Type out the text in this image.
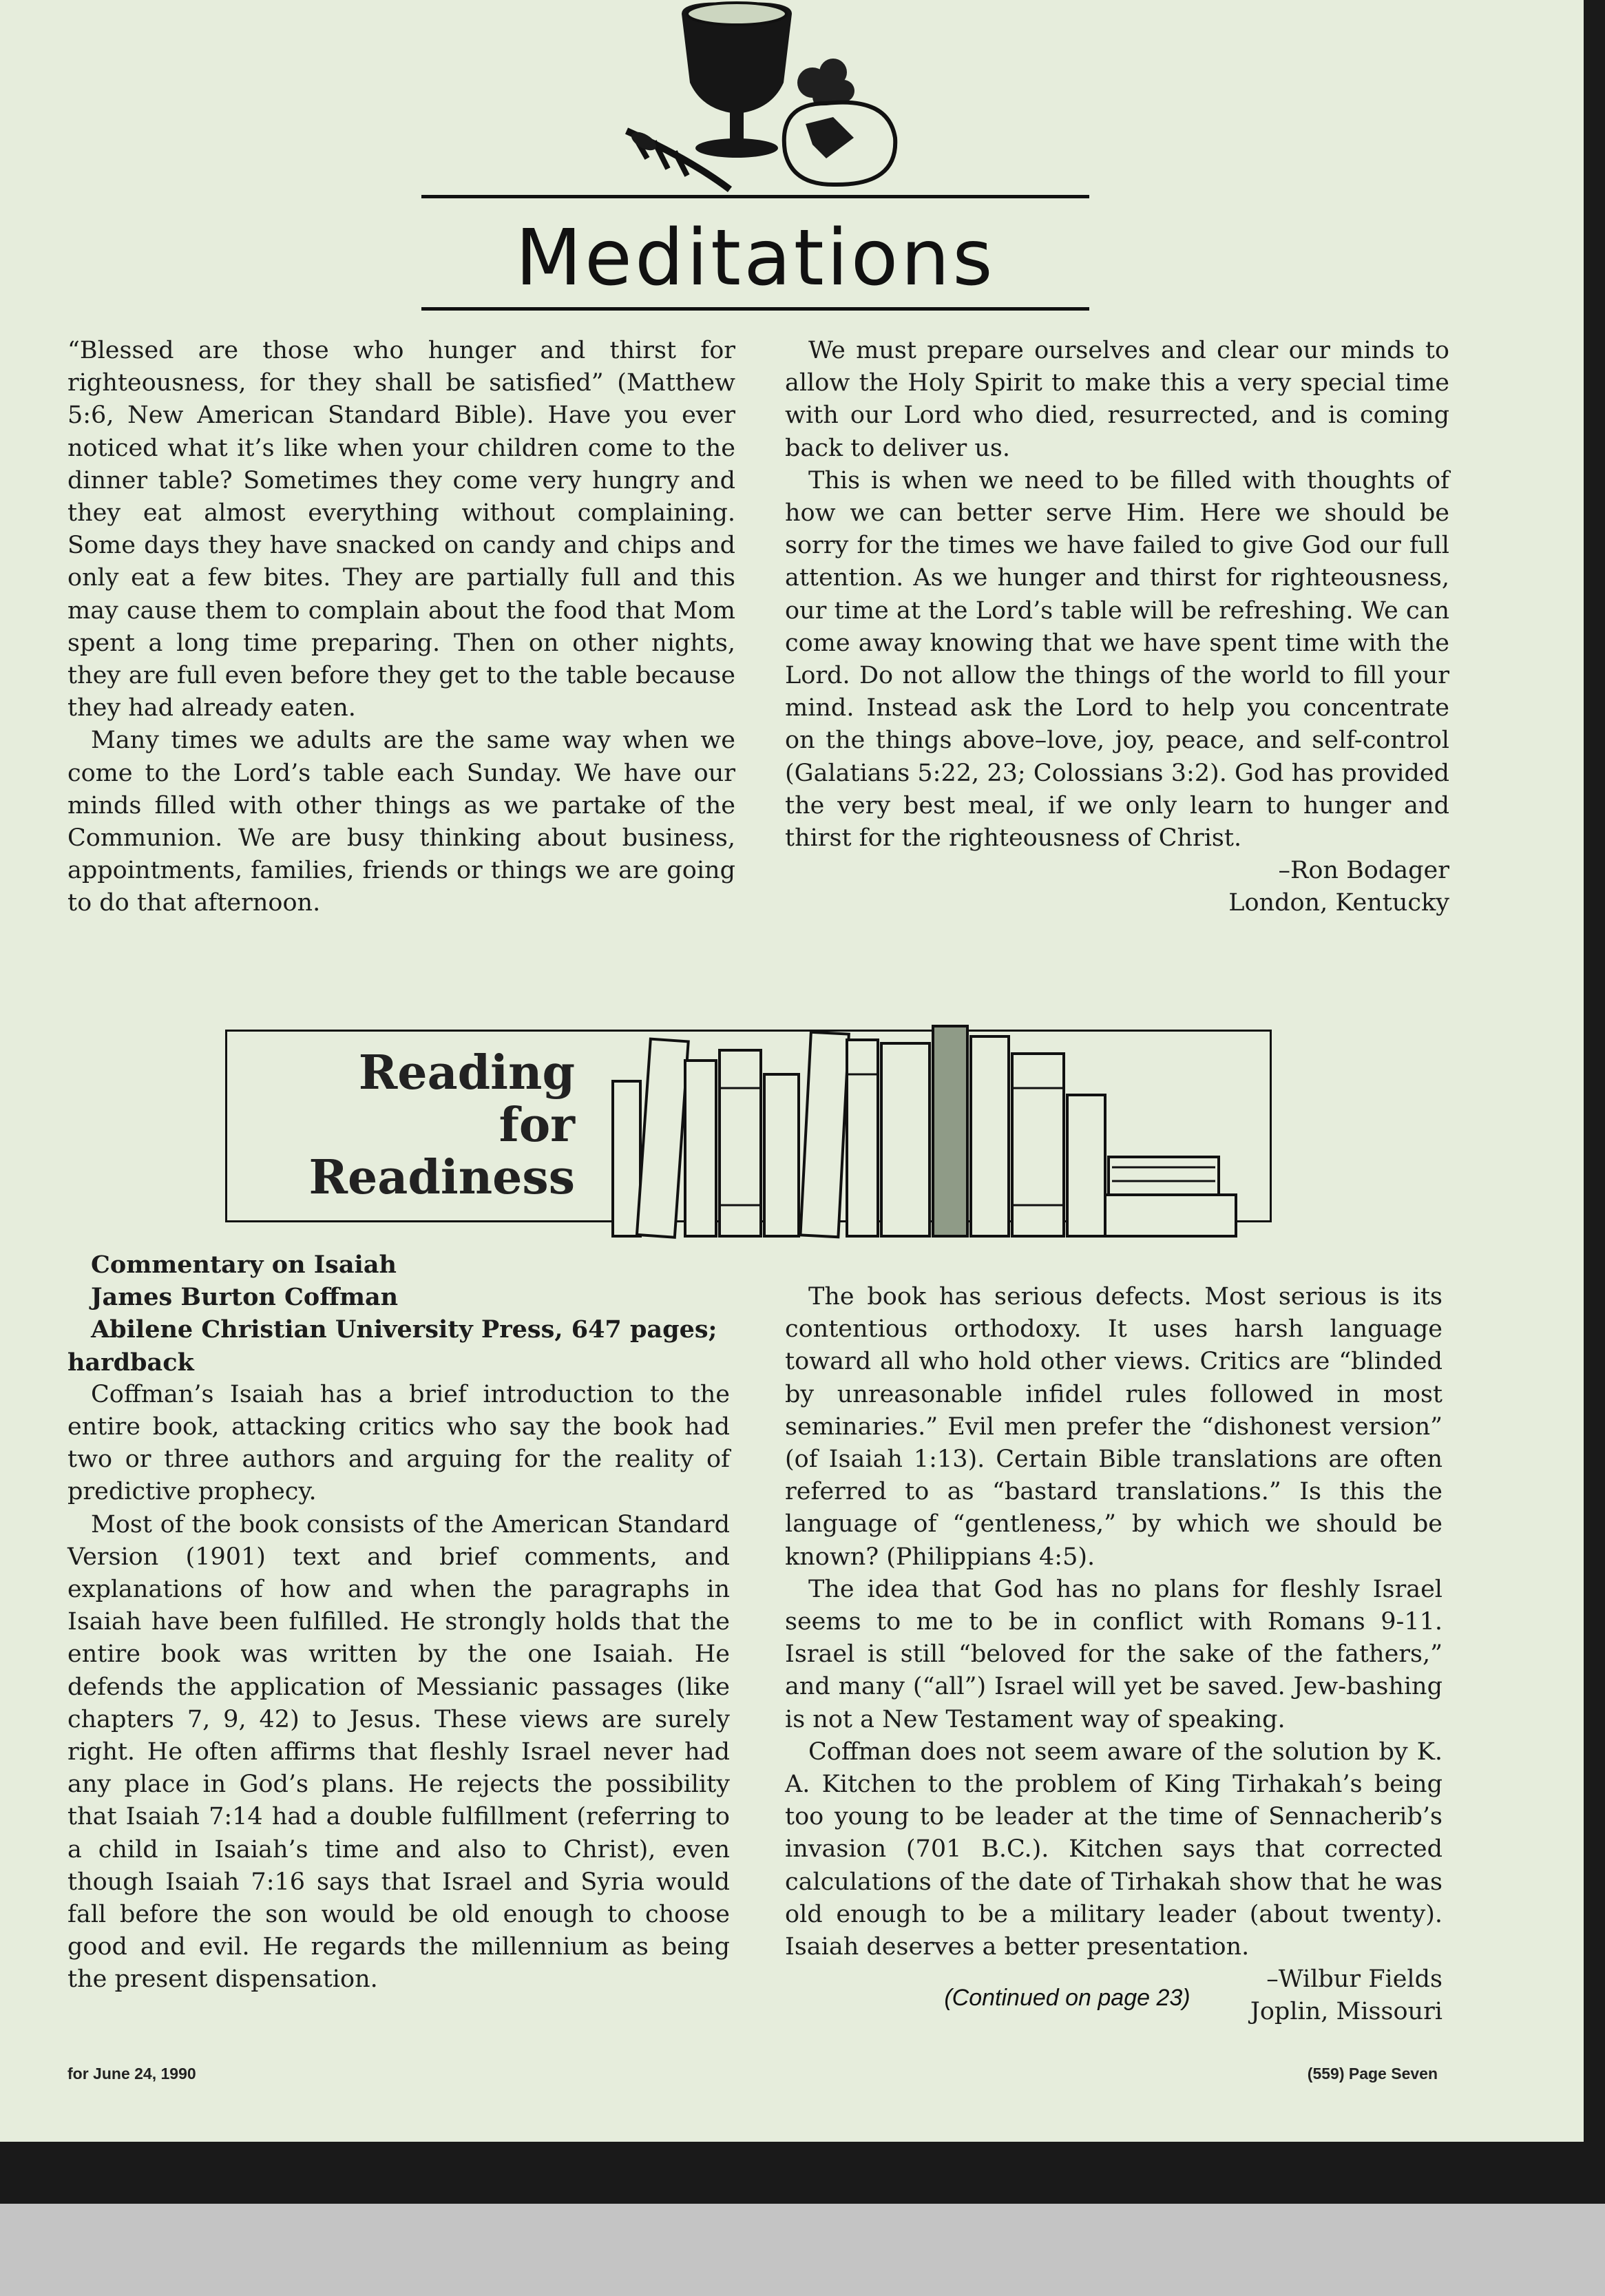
Meditations

“Blessed are those who hunger and thirst for righteousness, for they shall be satisfied” (Matthew 5:6, New American Standard Bible). Have you ever noticed what it’s like when your children come to the dinner table? Sometimes they come very hungry and they eat almost everything without complaining. Some days they have snacked on candy and chips and only eat a few bites. They are partially full and this may cause them to complain about the food that Mom spent a long time preparing. Then on other nights, they are full even before they get to the table because they had already eaten.

Many times we adults are the same way when we come to the Lord’s table each Sunday. We have our minds filled with other things as we partake of the Communion. We are busy thinking about business, appointments, families, friends or things we are going to do that afternoon.

We must prepare ourselves and clear our minds to allow the Holy Spirit to make this a very special time with our Lord who died, resurrected, and is coming back to deliver us.

This is when we need to be filled with thoughts of how we can better serve Him. Here we should be sorry for the times we have failed to give God our full attention. As we hunger and thirst for righteousness, our time at the Lord’s table will be refreshing. We can come away knowing that we have spent time with the Lord. Do not allow the things of the world to fill your mind. Instead ask the Lord to help you concentrate on the things above–love, joy, peace, and self-control (Galatians 5:22, 23; Colossians 3:2). God has provided the very best meal, if we only learn to hunger and thirst for the righteousness of Christ.

–Ron Bodager

London, Kentucky

Reading
for
Readiness

Commentary on Isaiah

James Burton Coffman

Abilene Christian University Press, 647 pages; hardback

Coffman’s Isaiah has a brief introduction to the entire book, attacking critics who say the book had two or three authors and arguing for the reality of predictive prophecy.

Most of the book consists of the American Standard Version (1901) text and brief comments, and explanations of how and when the paragraphs in Isaiah have been fulfilled. He strongly holds that the entire book was written by the one Isaiah. He defends the application of Messianic passages (like chapters 7, 9, 42) to Jesus. These views are surely right. He often affirms that fleshly Israel never had any place in God’s plans. He rejects the possibility that Isaiah 7:14 had a double fulfillment (referring to a child in Isaiah’s time and also to Christ), even though Isaiah 7:16 says that Israel and Syria would fall before the son would be old enough to choose good and evil. He regards the millennium as being the present dispensation.

The book has serious defects. Most serious is its contentious orthodoxy. It uses harsh language toward all who hold other views. Critics are “blinded by unreasonable infidel rules followed in most seminaries.” Evil men prefer the “dishonest version” (of Isaiah 1:13). Certain Bible translations are often referred to as “bastard translations.” Is this the language of “gentleness,” by which we should be known? (Philippians 4:5).

The idea that God has no plans for fleshly Israel seems to me to be in conflict with Romans 9-11. Israel is still “beloved for the sake of the fathers,” and many (“all”) Israel will yet be saved. Jew-bashing is not a New Testament way of speaking.

Coffman does not seem aware of the solution by K. A. Kitchen to the problem of King Tirhakah’s being too young to be leader at the time of Sennacherib’s invasion (701 B.C.). Kitchen says that corrected calculations of the date of Tirhakah show that he was old enough to be a military leader (about twenty). Isaiah deserves a better presentation.

–Wilbur Fields

Joplin, Missouri

(Continued on page 23)
for June 24, 1990	(559) Page Seven
